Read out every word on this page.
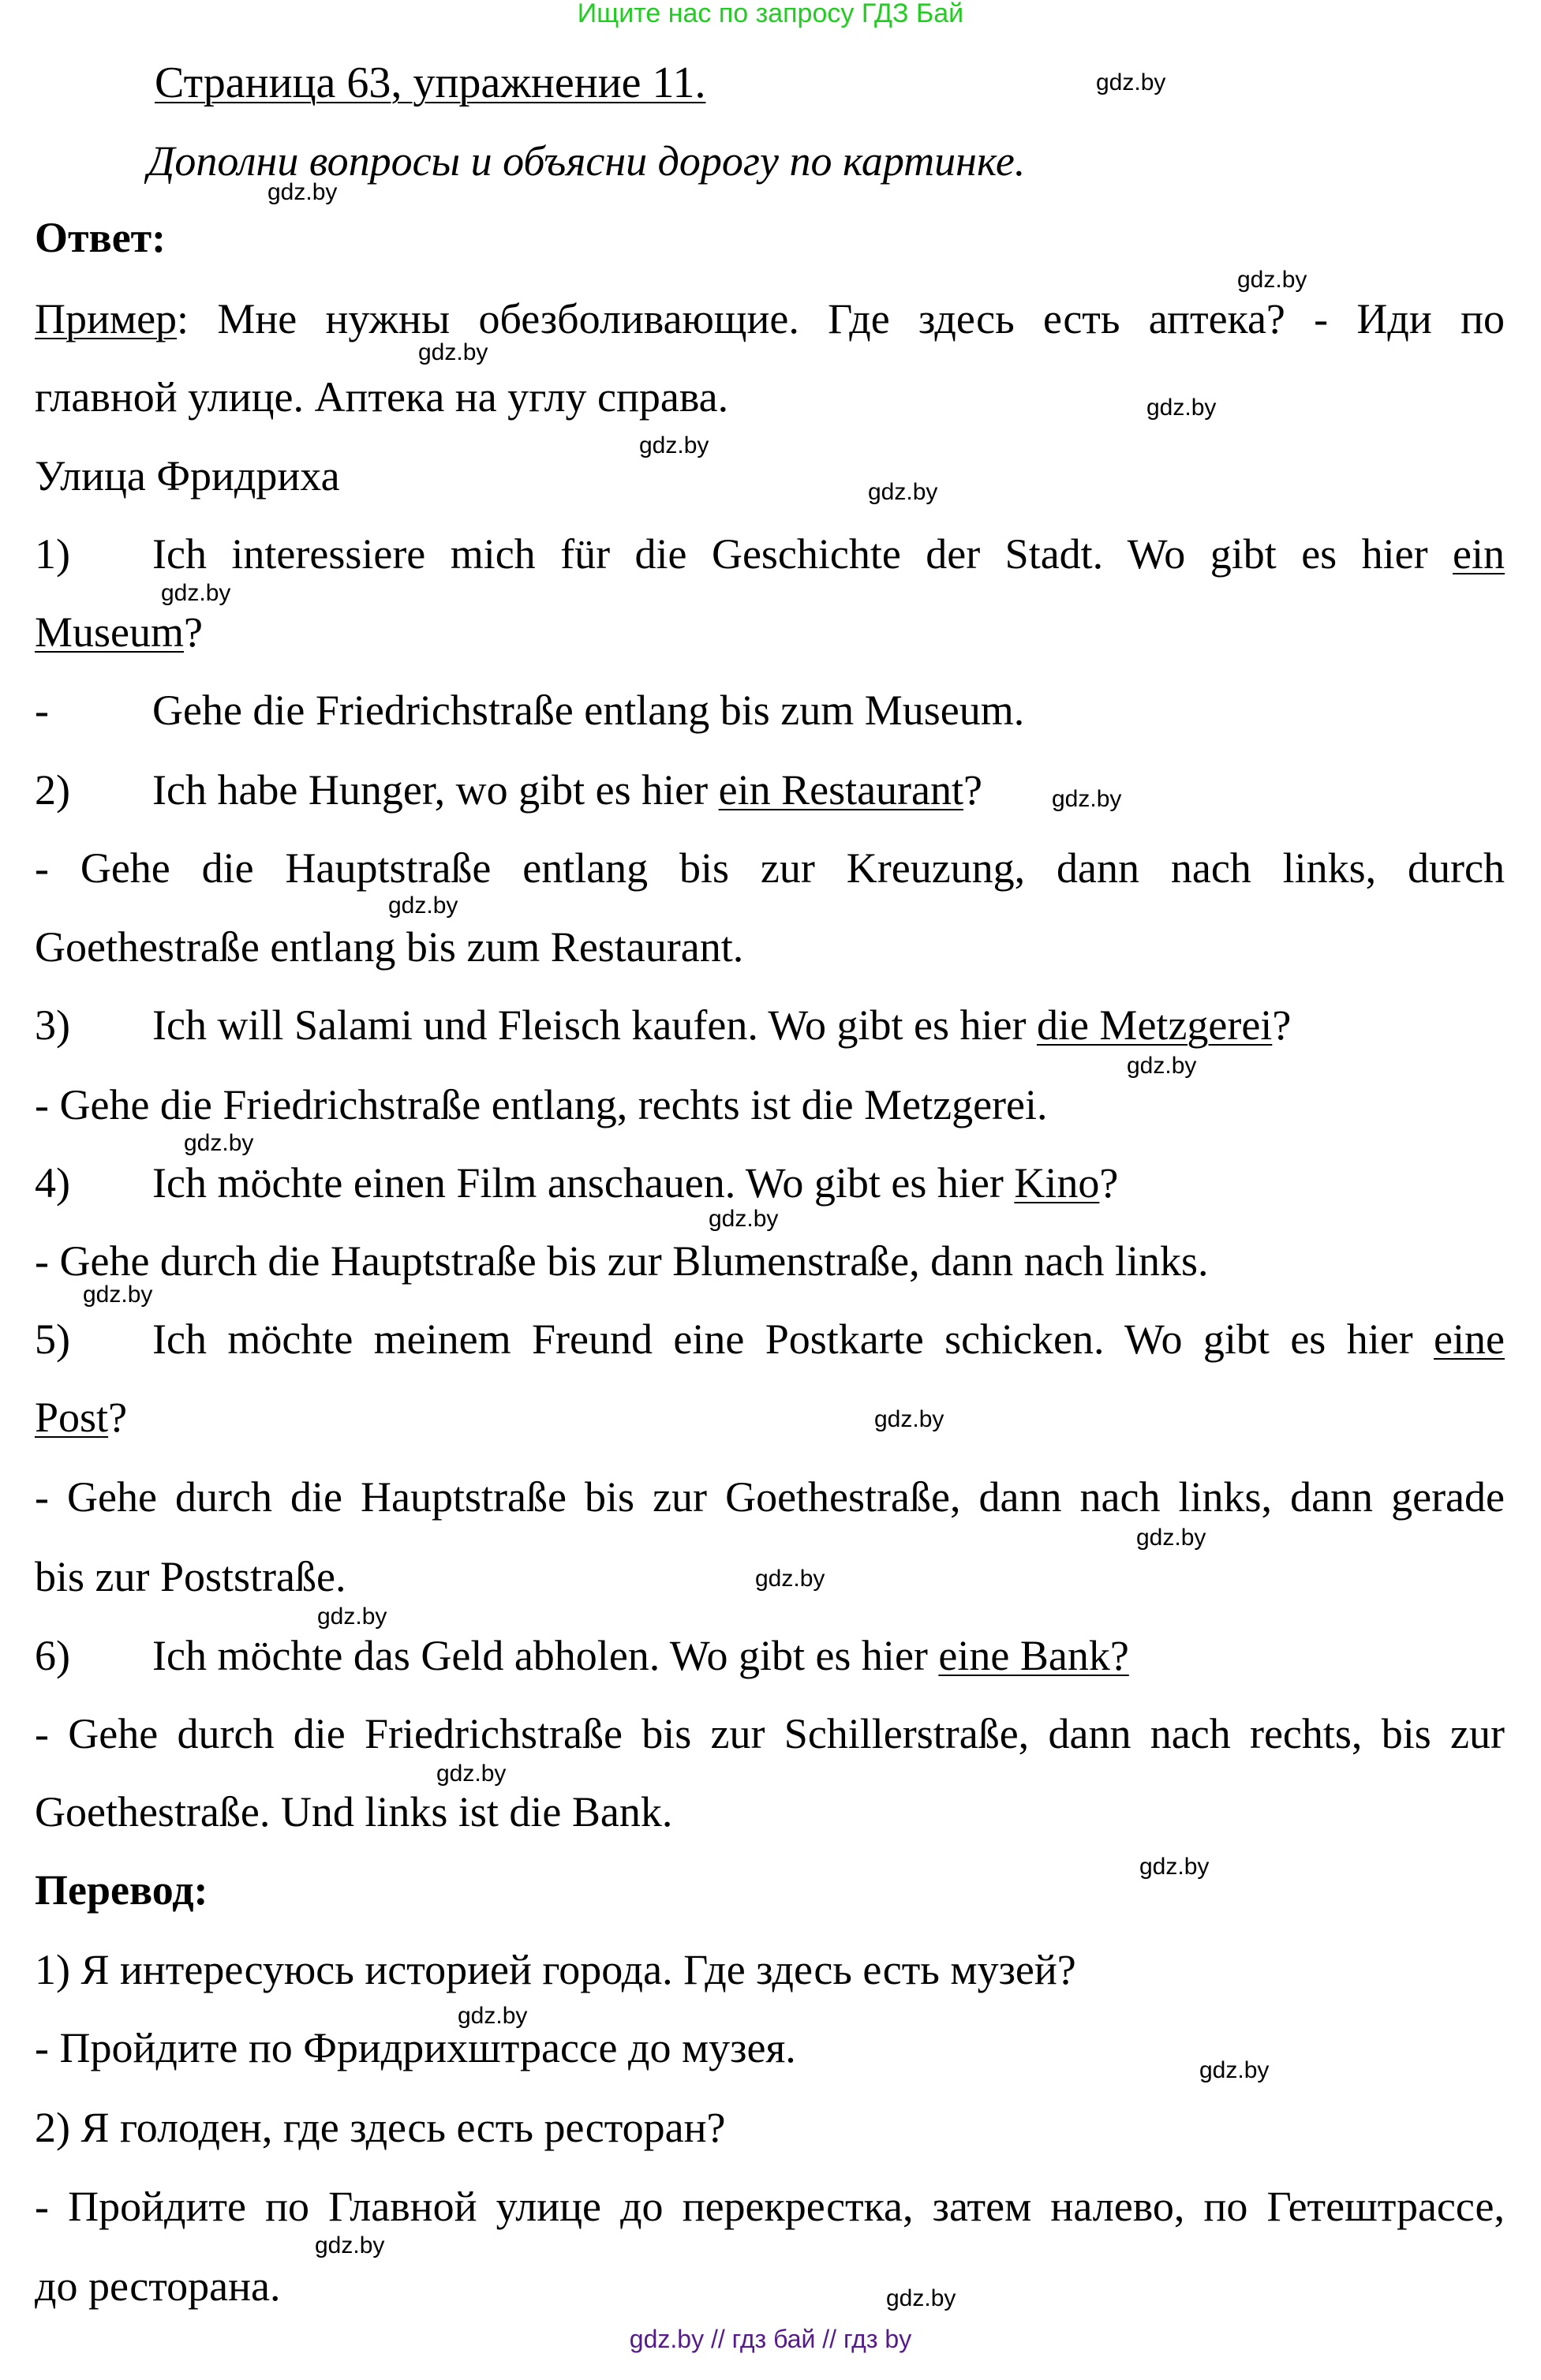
Ищите нас по запросу ГДЗ Бай
Страница 63, упражнение 11.
Дополни вопросы и объясни дорогу по картинке.
Ответ:
Пример: Мне нужны обезболивающие. Где здесь есть аптека? - Иди по
главной улице. Аптека на углу справа.
Улица Фридриха
1) Ich interessiere mich für die Geschichte der Stadt. Wo gibt es hier ein
Museum?
- Gehe die Friedrichstraße entlang bis zum Museum.
2) Ich habe Hunger, wo gibt es hier ein Restaurant?
- Gehe die Hauptstraße entlang bis zur Kreuzung, dann nach links, durch
Goethestraße entlang bis zum Restaurant.
3) Ich will Salami und Fleisch kaufen. Wo gibt es hier die Metzgerei?
- Gehe die Friedrichstraße entlang, rechts ist die Metzgerei.
4) Ich möchte einen Film anschauen. Wo gibt es hier Kino?
- Gehe durch die Hauptstraße bis zur Blumenstraße, dann nach links.
5) Ich möchte meinem Freund eine Postkarte schicken. Wo gibt es hier eine
Post?
- Gehe durch die Hauptstraße bis zur Goethestraße, dann nach links, dann gerade
bis zur Poststraße.
6) Ich möchte das Geld abholen. Wo gibt es hier eine Bank?
- Gehe durch die Friedrichstraße bis zur Schillerstraße, dann nach rechts, bis zur
Goethestraße. Und links ist die Bank.
Перевод:
1) Я интересуюсь историей города. Где здесь есть музей?
- Пройдите по Фридрихштрассе до музея.
2) Я голоден, где здесь есть ресторан?
- Пройдите по Главной улице до перекрестка, затем налево, по Гетештрассе,
до ресторана.
gdz.by // гдз бай // гдз by
gdz.by
gdz.by
gdz.by
gdz.by
gdz.by
gdz.by
gdz.by
gdz.by
gdz.by
gdz.by
gdz.by
gdz.by
gdz.by
gdz.by
gdz.by
gdz.by
gdz.by
gdz.by
gdz.by
gdz.by
gdz.by
gdz.by
gdz.by
gdz.by
